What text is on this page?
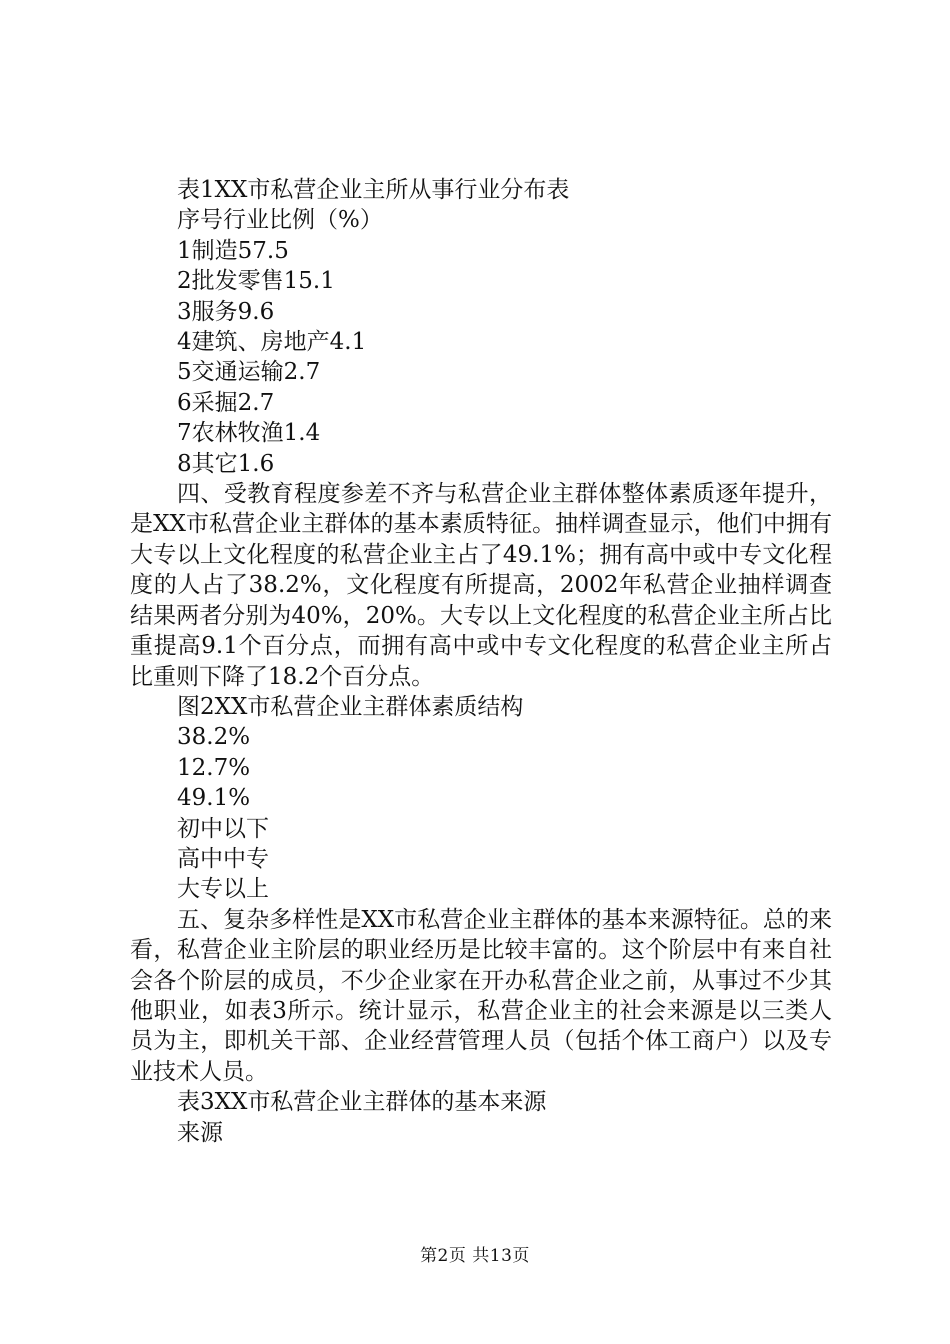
表1XX市私营企业主所从事行业分布表
序号行业比例（%）
1制造57.5
2批发零售15.1
3服务9.6
4建筑、房地产4.1
5交通运输2.7
6采掘2.7
7农林牧渔1.4
8其它1.6

四、受教育程度参差不齐与私营企业主群体整体素质逐年提升，是XX市私营企业主群体的基本素质特征。抽样调查显示，他们中拥有大专以上文化程度的私营企业主占了49.1%；拥有高中或中专文化程度的人占了38.2%，文化程度有所提高，2002年私营企业抽样调查结果两者分别为40%，20%。大专以上文化程度的私营企业主所占比重提高9.1个百分点，而拥有高中或中专文化程度的私营企业主所占比重则下降了18.2个百分点。

图2XX市私营企业主群体素质结构
38.2%
12.7%
49.1%
初中以下
高中中专
大专以上

五、复杂多样性是XX市私营企业主群体的基本来源特征。总的来看，私营企业主阶层的职业经历是比较丰富的。这个阶层中有来自社会各个阶层的成员，不少企业家在开办私营企业之前，从事过不少其他职业，如表3所示。统计显示，私营企业主的社会来源是以三类人员为主，即机关干部、企业经营管理人员（包括个体工商户）以及专业技术人员。

表3XX市私营企业主群体的基本来源
来源
第2页 共13页
